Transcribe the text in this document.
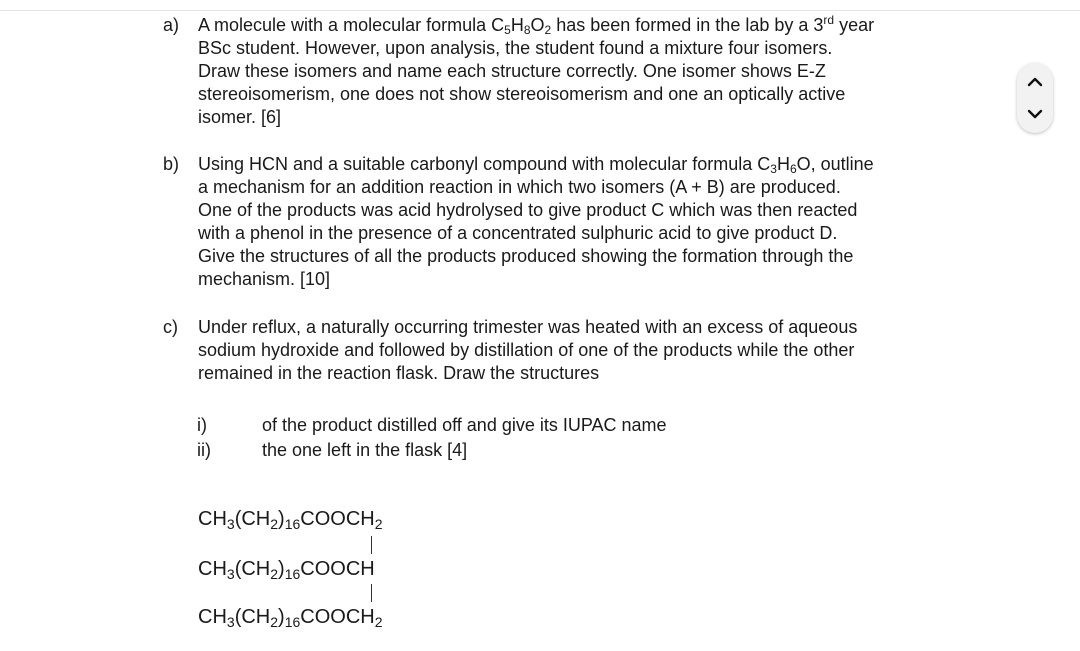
a) A molecule with a molecular formula $C_5H_8O_2$ has been formed in the lab by a 3rd year
BSc student. However, upon analysis, the student found a mixture four isomers.
Draw these isomers and name each structure correctly. One isomer shows E-Z
stereoisomerism, one does not show stereoisomerism and one an optically active
isomer. [6]
b) Using HCN and a suitable carbonyl compound with molecular formula $C_3H_6O$, outline
a mechanism for an addition reaction in which two isomers (A + B) are produced.
One of the products was acid hydrolysed to give product C which was then reacted
with a phenol in the presence of a concentrated sulphuric acid to give product D.
Give the structures of all the products produced showing the formation through the
mechanism. [10]
c) Under reflux, a naturally occurring trimester was heated with an excess of aqueous
sodium hydroxide and followed by distillation of one of the products while the other
remained in the reaction flask. Draw the structures
i)	of the product distilled off and give its IUPAC name
ii)	the one left in the flask [4]
$CH_3(CH_2)_{16}COOCH_2$
$CH_3(CH_2)_{16}COOCH$
$CH_3(CH_2)_{16}COOCH_2$
